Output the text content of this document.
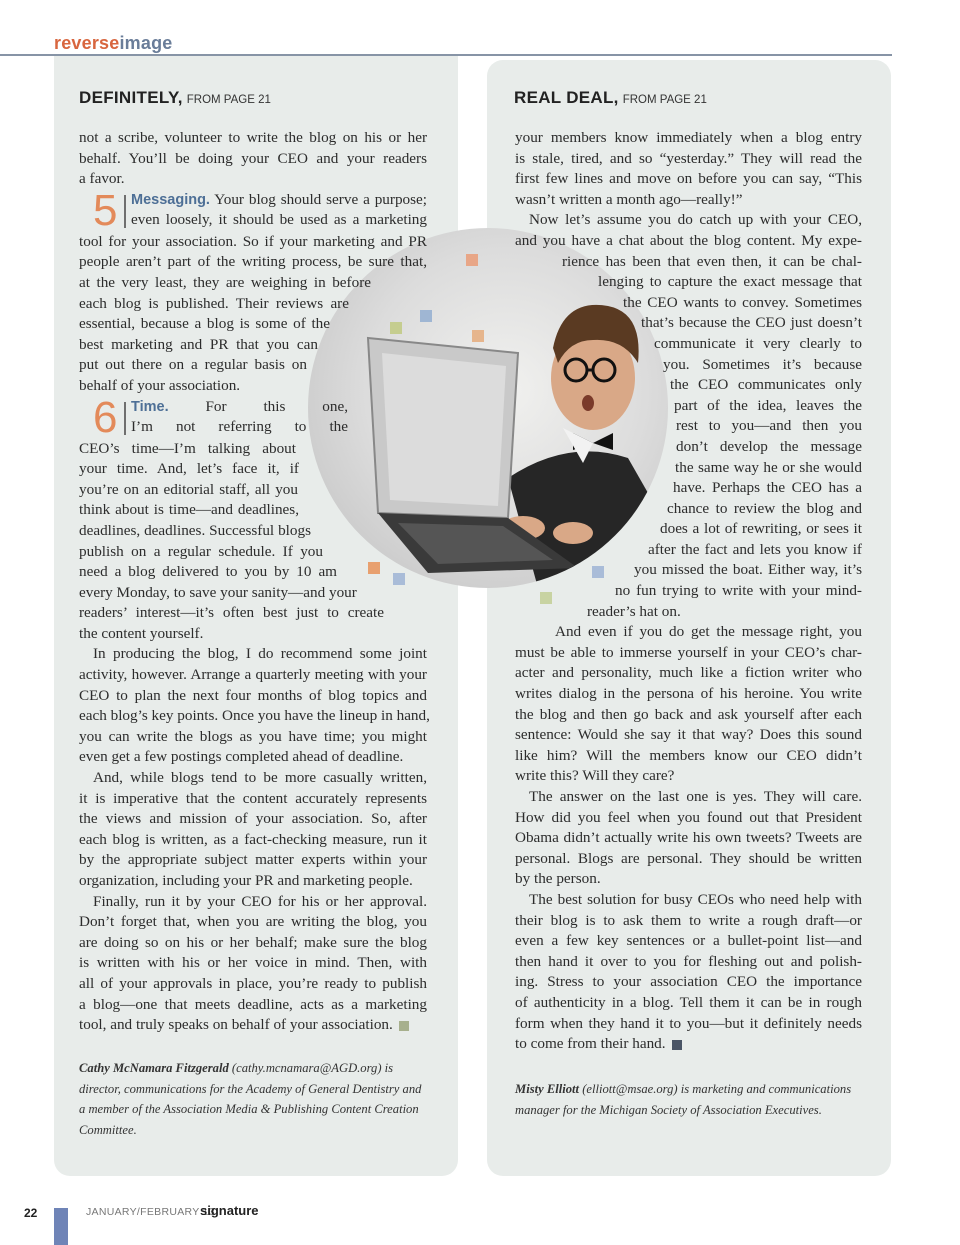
reverseimage
DEFINITELY, FROM PAGE 21
not a scribe, volunteer to write the blog on his or her
behalf. You’ll be doing your CEO and your readers
a favor.
5 Messaging. Your blog should serve a purpose;
even loosely, it should be used as a marketing
tool for your association. So if your marketing and PR
people aren’t part of the writing process, be sure that,
at the very least, they are weighing in before
each blog is published. Their reviews are
essential, because a blog is some of the
best marketing and PR that you can
put out there on a regular basis on
behalf of your association.
6 Time. For this one,
I’m not referring to the
CEO’s time—I’m talking about
your time. And, let’s face it, if
you’re on an editorial staff, all you
think about is time—and deadlines,
deadlines, deadlines. Successful blogs
publish on a regular schedule. If you
need a blog delivered to you by 10 am
every Monday, to save your sanity—and your
readers’ interest—it’s often best just to create
the content yourself.
In producing the blog, I do recommend some joint
activity, however. Arrange a quarterly meeting with your
CEO to plan the next four months of blog topics and
each blog’s key points. Once you have the lineup in hand,
you can write the blogs as you have time; you might
even get a few postings completed ahead of deadline.
And, while blogs tend to be more casually written,
it is imperative that the content accurately represents
the views and mission of your association. So, after
each blog is written, as a fact-checking measure, run it
by the appropriate subject matter experts within your
organization, including your PR and marketing people.
Finally, run it by your CEO for his or her approval.
Don’t forget that, when you are writing the blog, you
are doing so on his or her behalf; make sure the blog
is written with his or her voice in mind. Then, with
all of your approvals in place, you’re ready to publish
a blog—one that meets deadline, acts as a marketing
tool, and truly speaks on behalf of your association.
Cathy McNamara Fitzgerald (cathy.mcnamara@AGD.org) is
director, communications for the Academy of General Dentistry and
a member of the Association Media & Publishing Content Creation
Committee.
REAL DEAL, FROM PAGE 21
your members know immediately when a blog entry
is stale, tired, and so “yesterday.” They will read the
first few lines and move on before you can say, “This
wasn’t written a month ago—really!”
Now let’s assume you do catch up with your CEO,
and you have a chat about the blog content. My expe-
rience has been that even then, it can be chal-
lenging to capture the exact message that
the CEO wants to convey. Sometimes
that’s because the CEO just doesn’t
communicate it very clearly to
you. Sometimes it’s because
the CEO communicates only
part of the idea, leaves the
rest to you—and then you
don’t develop the message
the same way he or she would
have. Perhaps the CEO has a
chance to review the blog and
does a lot of rewriting, or sees it
after the fact and lets you know if
you missed the boat. Either way, it’s
no fun trying to write with your mind-
reader’s hat on.
And even if you do get the message right, you
must be able to immerse yourself in your CEO’s char-
acter and personality, much like a fiction writer who
writes dialog in the persona of his heroine. You write
the blog and then go back and ask yourself after each
sentence: Would she say it that way? Does this sound
like him? Will the members know our CEO didn’t
write this? Will they care?
The answer on the last one is yes. They will care.
How did you feel when you found out that President
Obama didn’t actually write his own tweets? Tweets are
personal. Blogs are personal. They should be written
by the person.
The best solution for busy CEOs who need help with
their blog is to ask them to write a rough draft—or
even a few key sentences or a bullet-point list—and
then hand it over to you for fleshing out and polish-
ing. Stress to your association CEO the importance
of authenticity in a blog. Tell them it can be in rough
form when they hand it to you—but it definitely needs
to come from their hand.
Misty Elliott (elliott@msae.org) is marketing and communications
manager for the Michigan Society of Association Executives.
22	JANUARY/FEBRUARY 13
signature
